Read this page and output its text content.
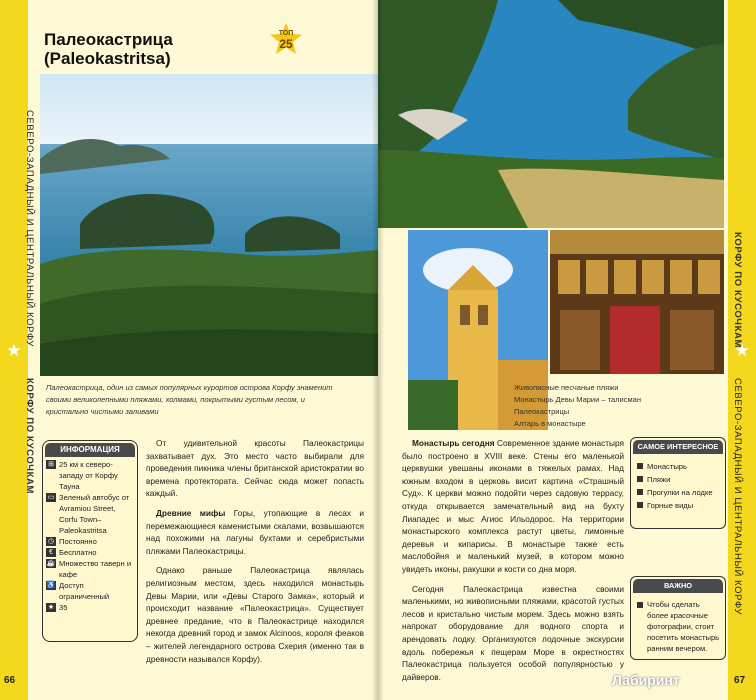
СЕВЕРО-ЗАПАДНЫЙ И ЦЕНТРАЛЬНЫЙ КОРФУ
★
КОРФУ ПО КУСОЧКАМ
Палеокастрица
(Paleokastritsa)
ТОП
25
Палеокастрица, один из самых популярных курортов острова Корфу знаменит своими великолепными пляжами, холмами, покрытыми густым лесом, и кристально чистыми заливами
ИНФОРМАЦИЯ
⊞ 25 км к северо-западу от Корфу Тауна
▭ Зеленый автобус от Avramiou Street, Corfu Town–Paleokastritsa
◷ Постоянно
€ Бесплатно
☕ Множество таверн и кафе
♿ Доступ ограниченный
★ 35

От удивительной красоты Палеокастрицы захватывает дух. Это место часто выбирали для проведения пикника члены британской аристократии во времена протектората. Сейчас сюда может попасть каждый.

Древние мифы Горы, утопающие в лесах и перемежающиеся каменистыми скалами, возвышаются над похожими на лагуны бухтами и серебристыми пляжами Палеокастрицы.

Однако раньше Палеокастрица являлась религиозным местом, здесь находился монастырь Девы Марии, или «Девы Старого Замка», который и происходит название «Палеокастрица». Существует древнее предание, что в Палеокастрице находился некогда древний город и замок Alcinoos, короля феаков – жителей легендарного острова Схерия (именно так в древности назывался Корфу).

66
Живописные песчаные пляжи
Монастырь Девы Марии – талисман Палеокастрицы
Алтарь в монастыре

Монастырь сегодня Современное здание монастыря было построено в XVIII веке. Стены его маленькой церквушки увешаны иконами в тяжелых рамах. Над южным входом в церковь висит картина «Страшный Суд». К церкви можно подойти через садовую террасу, откуда открывается замечательный вид на бухту Лиападес и мыс Агиос Ильодорос. На территории монастырского комплекса растут цветы, лимонные деревья и кипарисы. В монастыре также есть маслобойня и маленький музей, в котором можно увидеть иконы, ракушки и кости со дна моря.

Сегодня Палеокастрица известна своими маленькими, но живописными пляжами, красотой густых лесов и кристально чистым морем. Здесь можно взять напрокат оборудование для водного спорта и арендовать лодку. Организуются лодочные экскурсии вдоль побережья к пещерам Море в окрестностях Палеокастрица пользуется особой популярностью у дайверов.

САМОЕ ИНТЕРЕСНОЕ
Монастырь
Пляжи
Прогулки на лодке
Горные виды
ВАЖНО
Чтобы сделать более красочные фотографии, стоит посетить монастырь ранним вечером.
КОРФУ ПО КУСОЧКАМ
★
СЕВЕРО-ЗАПАДНЫЙ И ЦЕНТРАЛЬНЫЙ КОРФУ
67
Лабиринт
